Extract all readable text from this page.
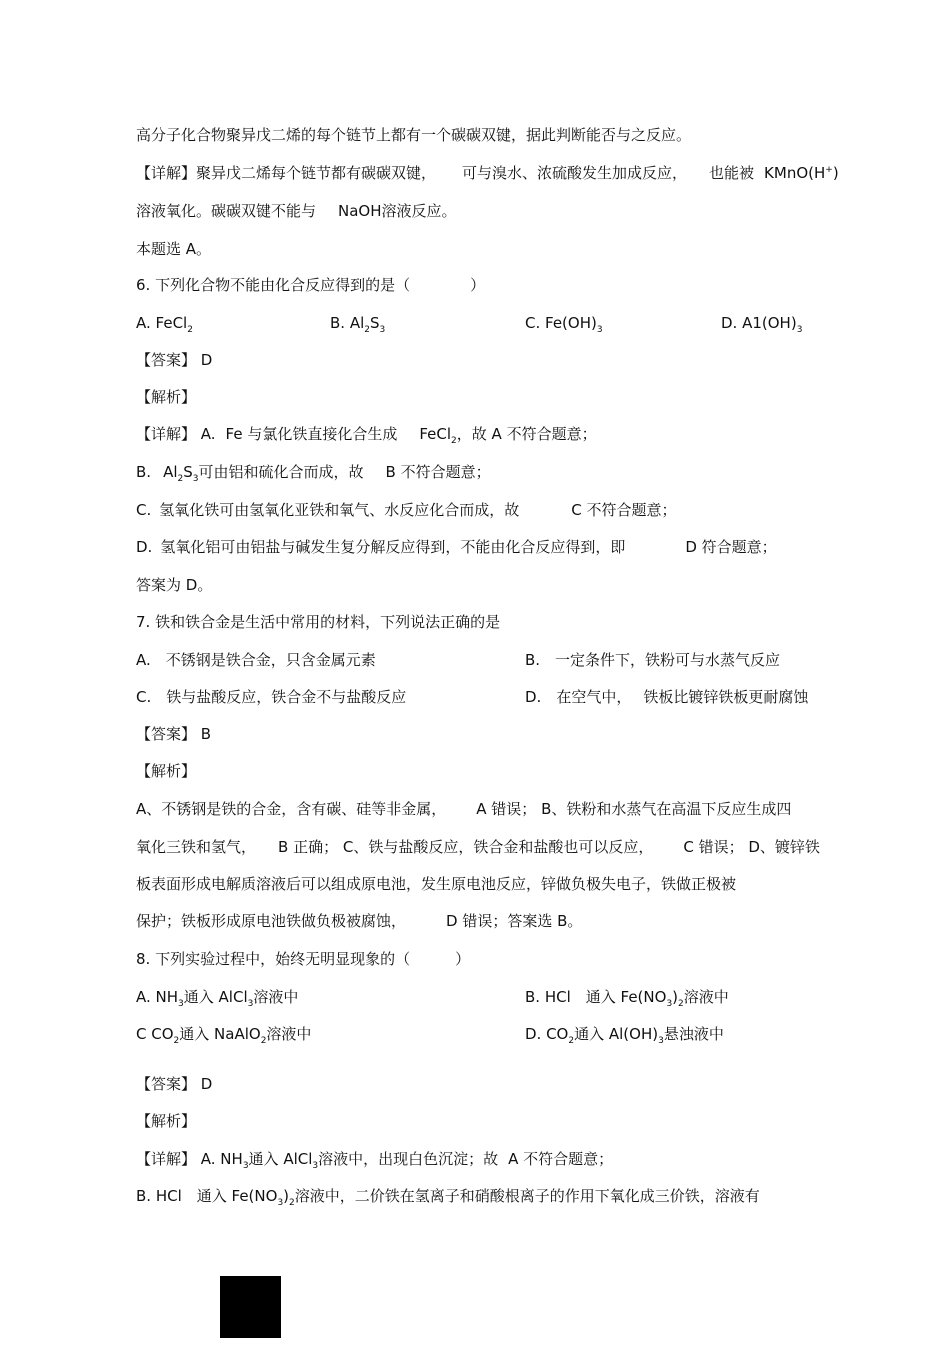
高分子化合物聚异戊二烯的每个链节上都有一个碳碳双键，据此判断能否与之反应。

【详解】聚异戊二烯每个链节都有碳碳双键， 可与溴水、浓硫酸发生加成反应， 也能被 KMnO(H+)

溶液氧化。碳碳双键不能与 NaOH溶液反应。

本题选 A。

6. 下列化合物不能由化合反应得到的是（　　　　）

A. FeCl$_2$	B. $Al_2S_3$	C. $Fe(OH)_3$	D. $A1(OH)_3$

【答案】 D

【解析】

【详解】 A. Fe 与氯化铁直接化合生成 FeCl$_2$，故 A 不符合题意；

B. $Al_2S_3$可由铝和硫化合而成，故 B 不符合题意；

C. 氢氧化铁可由氢氧化亚铁和氧气、水反应化合而成，故	C 不符合题意；

D. 氢氧化铝可由铝盐与碱发生复分解反应得到，不能由化合反应得到，即	D 符合题意；

答案为 D。

7. 铁和铁合金是生活中常用的材料，下列说法正确的是

A.　不锈钢是铁合金，只含金属元素	B.　一定条件下，铁粉可与水蒸气反应

C.　铁与盐酸反应，铁合金不与盐酸反应	D.　在空气中， 铁板比镀锌铁板更耐腐蚀

【答案】 B

【解析】

A、不锈钢是铁的合金，含有碳、硅等非金属， A 错误； B、铁粉和水蒸气在高温下反应生成四

氧化三铁和氢气， B 正确； C、铁与盐酸反应，铁合金和盐酸也可以反应， C 错误； D、镀锌铁

板表面形成电解质溶液后可以组成原电池，发生原电池反应，锌做负极失电子，铁做正极被

保护；铁板形成原电池铁做负极被腐蚀，	D 错误；答案选 B。

8. 下列实验过程中，始终无明显现象的（　　　）

A. $NH_3$通入 AlCl$_3$溶液中	B. HCl　通入 $Fe(NO_3)_2$溶液中

C $CO_2$通入 NaAlO$_2$溶液中	D. $CO_2$通入 $Al(OH)_3$悬浊液中

【答案】 D

【解析】

【详解】 A. $NH_3$通入 AlCl$_3$溶液中，出现白色沉淀；故 A 不符合题意；

B. HCl　通入 $Fe(NO_3)_2$溶液中，二价铁在氢离子和硝酸根离子的作用下氧化成三价铁，溶液有
